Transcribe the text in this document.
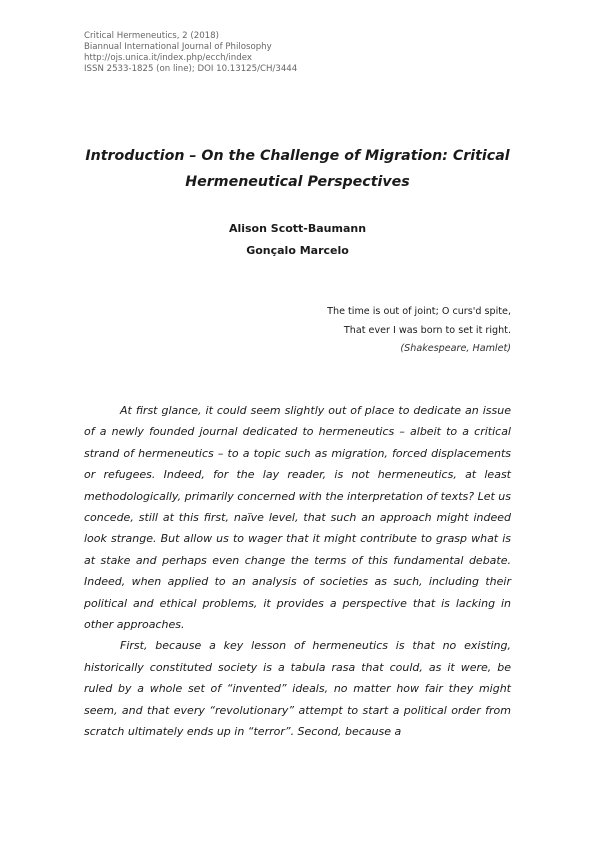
Critical Hermeneutics, 2 (2018)
Biannual International Journal of Philosophy
http://ojs.unica.it/index.php/ecch/index
ISSN 2533-1825 (on line); DOI 10.13125/CH/3444
Introduction – On the Challenge of Migration: Critical
Hermeneutical Perspectives
Alison Scott-Baumann
Gonçalo Marcelo
The time is out of joint; O curs'd spite,
That ever I was born to set it right.
(Shakespeare, Hamlet)

At first glance, it could seem slightly out of place to dedicate an issue of a newly founded journal dedicated to hermeneutics – albeit to a critical strand of hermeneutics – to a topic such as migration, forced displacements or refugees. Indeed, for the lay reader, is not hermeneutics, at least methodologically, primarily concerned with the interpretation of texts? Let us concede, still at this first, naïve level, that such an approach might indeed look strange. But allow us to wager that it might contribute to grasp what is at stake and perhaps even change the terms of this fundamental debate. Indeed, when applied to an analysis of societies as such, including their political and ethical problems, it provides a perspective that is lacking in other approaches.

First, because a key lesson of hermeneutics is that no existing, historically constituted society is a tabula rasa that could, as it were, be ruled by a whole set of “invented” ideals, no matter how fair they might seem, and that every “revolutionary” attempt to start a political order from scratch ultimately ends up in “terror”. Second, because a
